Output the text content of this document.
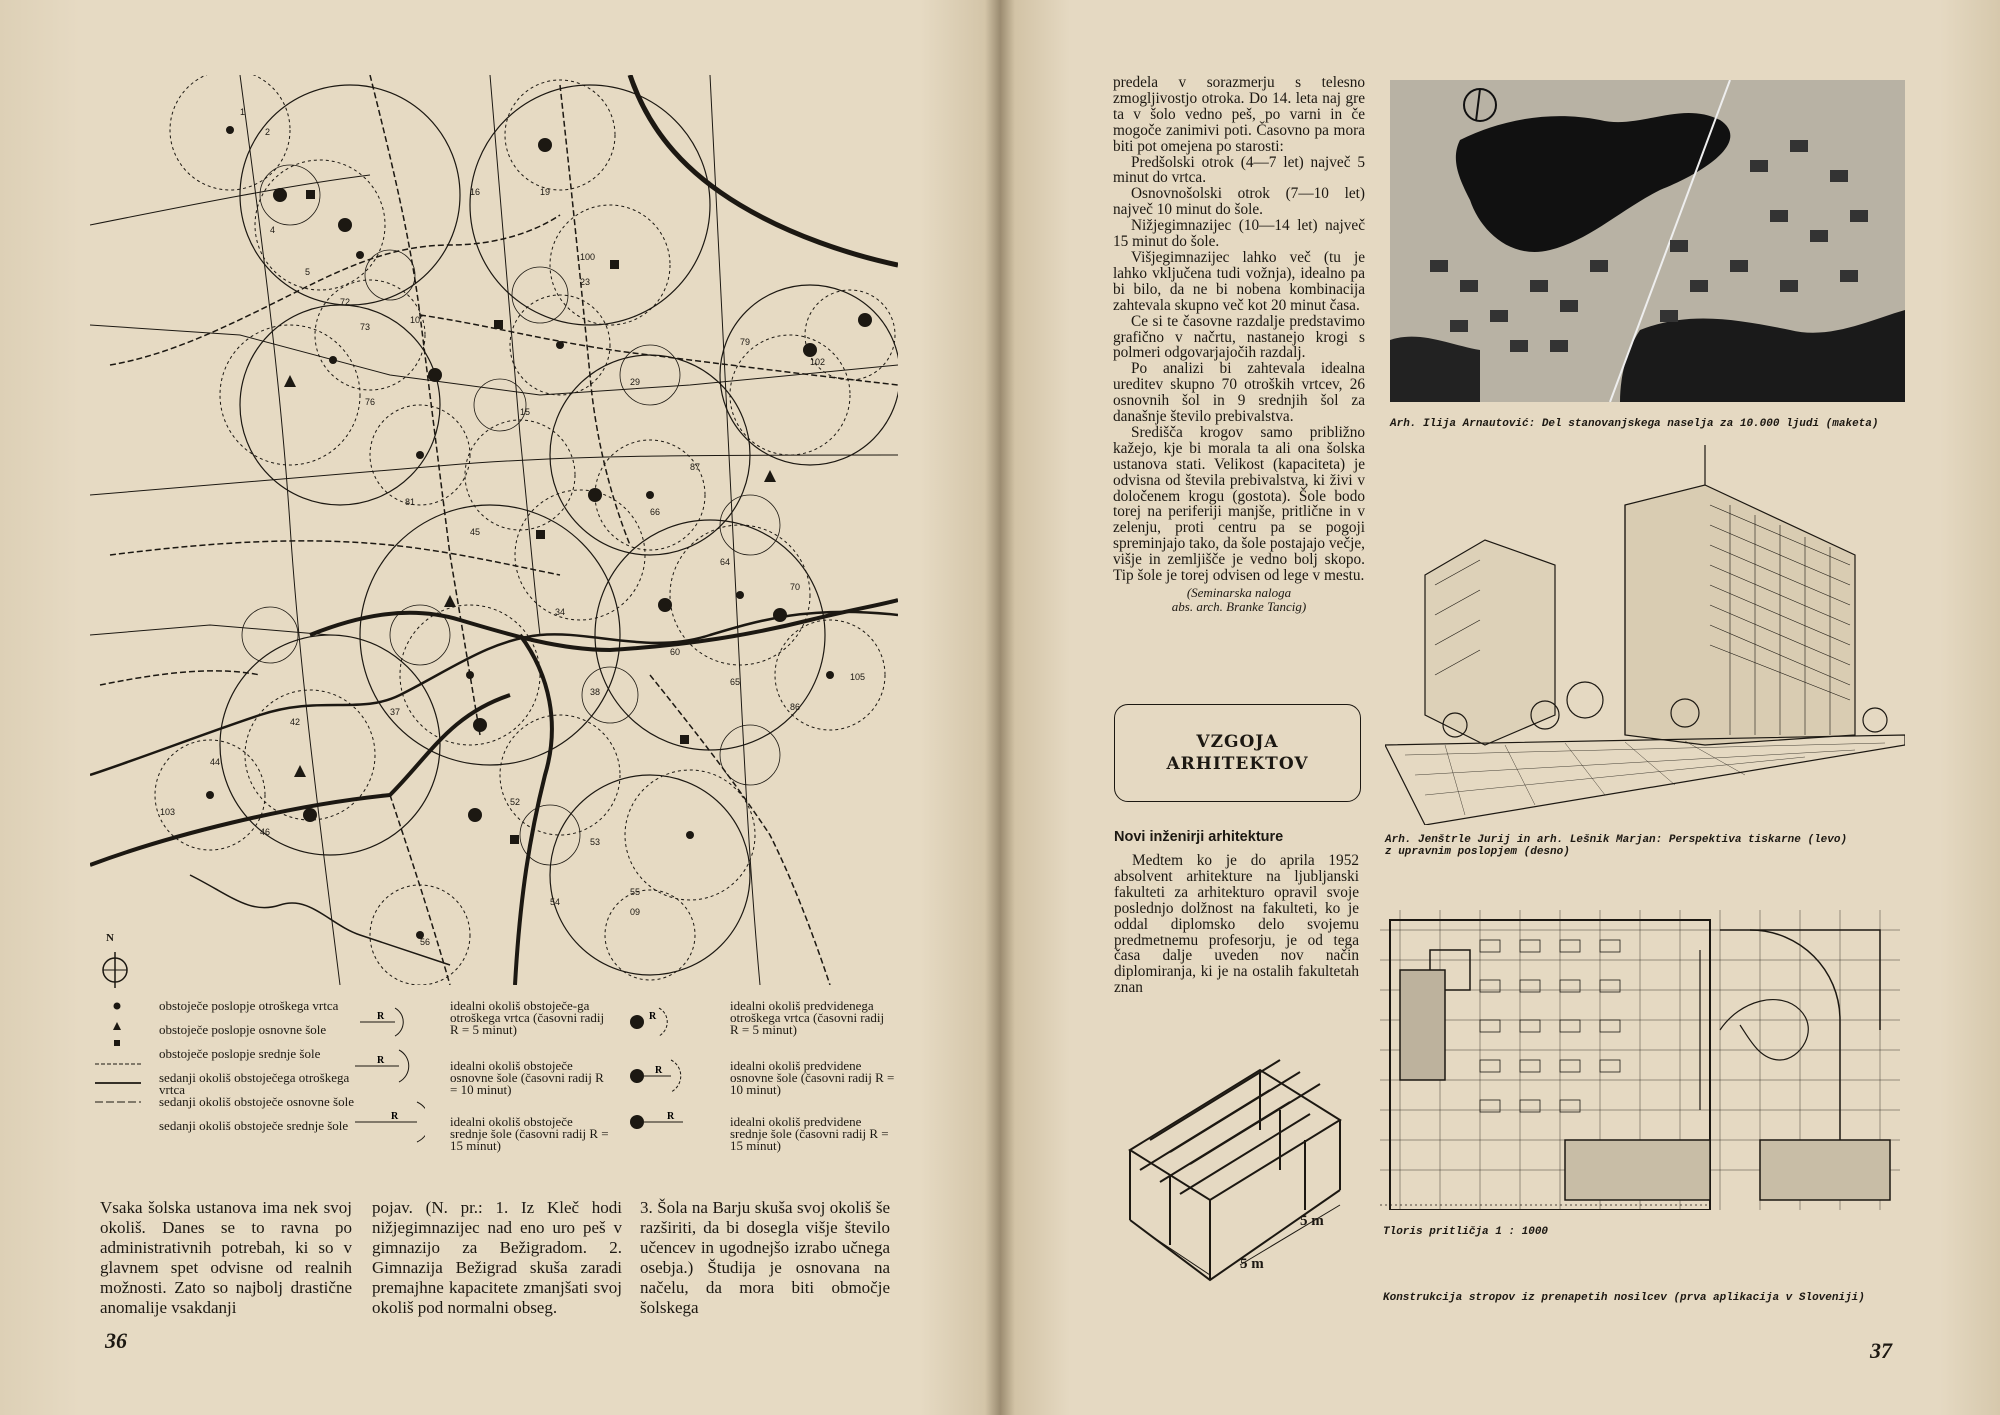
1
2
4
5
72
73
10
16	19
100
23
29
87
64
70
105
86
45
34
38
37
42
44
103
46
52
53
55
09
54
56
79
102
76
15
81
66
60
65
N
obstoječe poslopje otroškega vrtca
obstoječe poslopje osnovne šole
obstoječe poslopje srednje šole
sedanji okoliš obstoječega otroškega vrtca
sedanji okoliš obstoječe osnovne šole
sedanji okoliš obstoječe srednje šole
R
R
R
idealni okoliš obstoječe-ga otroškega vrtca (časovni radij R = 5 minut)
idealni okoliš obstoječe osnovne šole (časovni radij R = 10 minut)
idealni okoliš obstoječe srednje šole (časovni radij R = 15 minut)
R
R
R
idealni okoliš predvidenega otroškega vrtca (časovni radij R = 5 minut)
idealni okoliš predvidene osnovne šole (časovni radij R = 10 minut)
idealni okoliš predvidene srednje šole (časovni radij R = 15 minut)
Vsaka šolska ustanova ima nek svoj okoliš. Danes se to ravna po administrativnih potrebah, ki so v glavnem spet odvisne od realnih možnosti. Zato so najbolj drastične anomalije vsakdanji
pojav. (N. pr.: 1. Iz Kleč hodi nižjegimnazijec nad eno uro peš v gimnazijo za Bežigradom. 2. Gimnazija Bežigrad skuša zaradi premajhne kapacitete zmanjšati svoj okoliš pod normalni obseg.
3. Šola na Barju skuša svoj okoliš še razširiti, da bi dosegla višje število učencev in ugodnejšo izrabo učnega osebja.) Študija je osnovana na načelu, da mora biti območje šolskega
36

predela v sorazmerju s telesno zmogljivostjo otroka. Do 14. leta naj gre ta v šolo vedno peš, po varni in če mogoče zanimivi poti. Časovno pa mora biti pot omejena po starosti:

Predšolski otrok (4—7 let) največ 5 minut do vrtca.

Osnovnošolski otrok (7—10 let) največ 10 minut do šole.

Nižjegimnazijec (10—14 let) največ 15 minut do šole.

Višjegimnazijec lahko več (tu je lahko vključena tudi vožnja), idealno pa bi bilo, da ne bi nobena kombinacija zahtevala skupno več kot 20 minut časa.

Ce si te časovne razdalje predstavimo grafično v načrtu, nastanejo krogi s polmeri odgovarjajočih razdalj.

Po analizi bi zahtevala idealna ureditev skupno 70 otroških vrtcev, 26 osnovnih šol in 9 srednjih šol za današnje število prebivalstva.

Središča krogov samo približno kažejo, kje bi morala ta ali ona šolska ustanova stati. Velikost (kapaciteta) je odvisna od števila prebivalstva, ki živi v določenem krogu (gostota). Šole bodo torej na periferiji manjše, pritlične in v zelenju, proti centru pa se pogoji spreminjajo tako, da šole postajajo večje, višje in zemljišče je vedno bolj skopo. Tip šole je torej odvisen od lege v mestu.

(Seminarska naloga
abs. arch. Branke Tancig)
VZGOJA
ARHITEKTOV
Novi inženirji arhitekture
Medtem ko je do aprila 1952 absolvent arhitekture na ljubljanski fakulteti za arhitekturo opravil svoje poslednjo dolžnost na fakulteti, ko je oddal diplomsko delo svojemu predmetnemu profesorju, je od tega časa dalje uveden nov način diplomiranja, ki je na ostalih fakultetah znan
5 m
5 m
Arh. Ilija Arnautović: Del stanovanjskega naselja za 10.000 ljudi (maketa)
Arh. Jenštrle Jurij in arh. Lešnik Marjan: Perspektiva tiskarne (levo)
z upravnim poslopjem (desno)
Tloris pritličja 1 : 1000
Konstrukcija stropov iz prenapetih nosilcev (prva aplikacija v Sloveniji)
37
